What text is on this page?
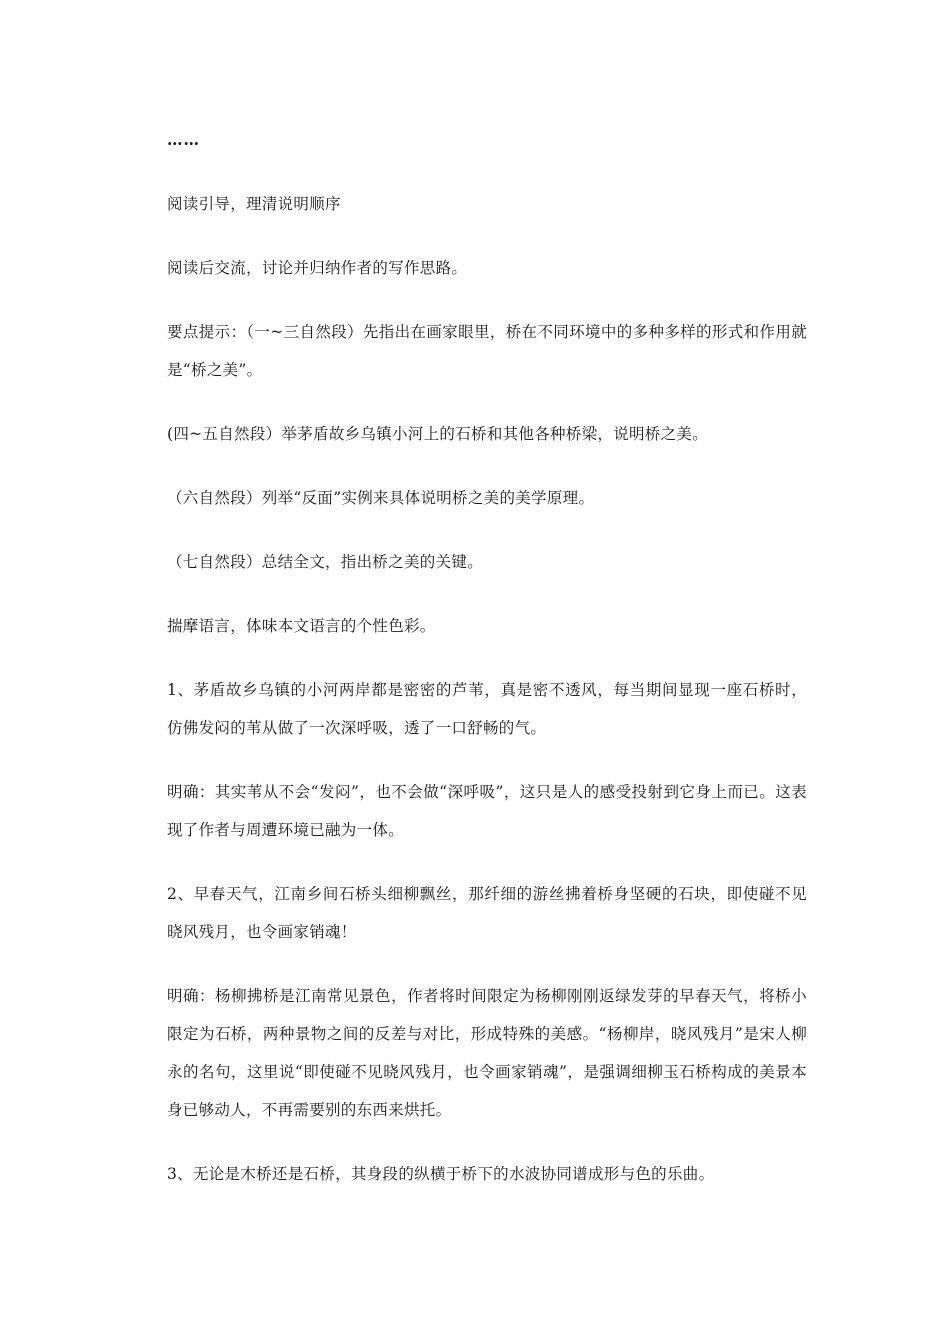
……

阅读引导，理清说明顺序

阅读后交流，讨论并归纳作者的写作思路。

要点提示：（一~三自然段）先指出在画家眼里，桥在不同环境中的多种多样的形式和作用就是“桥之美”。

(四~五自然段）举茅盾故乡乌镇小河上的石桥和其他各种桥梁，说明桥之美。

（六自然段）列举“反面”实例来具体说明桥之美的美学原理。

（七自然段）总结全文，指出桥之美的关键。

揣摩语言，体味本文语言的个性色彩。

1、茅盾故乡乌镇的小河两岸都是密密的芦苇，真是密不透风，每当期间显现一座石桥时，仿佛发闷的苇从做了一次深呼吸，透了一口舒畅的气。

明确：其实苇从不会“发闷”，也不会做“深呼吸”，这只是人的感受投射到它身上而已。这表现了作者与周遭环境已融为一体。

2、早春天气，江南乡间石桥头细柳飘丝，那纤细的游丝拂着桥身坚硬的石块，即使碰不见晓风残月，也令画家销魂！

明确：杨柳拂桥是江南常见景色，作者将时间限定为杨柳刚刚返绿发芽的早春天气，将桥小限定为石桥，两种景物之间的反差与对比，形成特殊的美感。“杨柳岸，晓风残月”是宋人柳永的名句，这里说“即使碰不见晓风残月，也令画家销魂”，是强调细柳玉石桥构成的美景本身已够动人，不再需要别的东西来烘托。

3、无论是木桥还是石桥，其身段的纵横于桥下的水波协同谱成形与色的乐曲。
